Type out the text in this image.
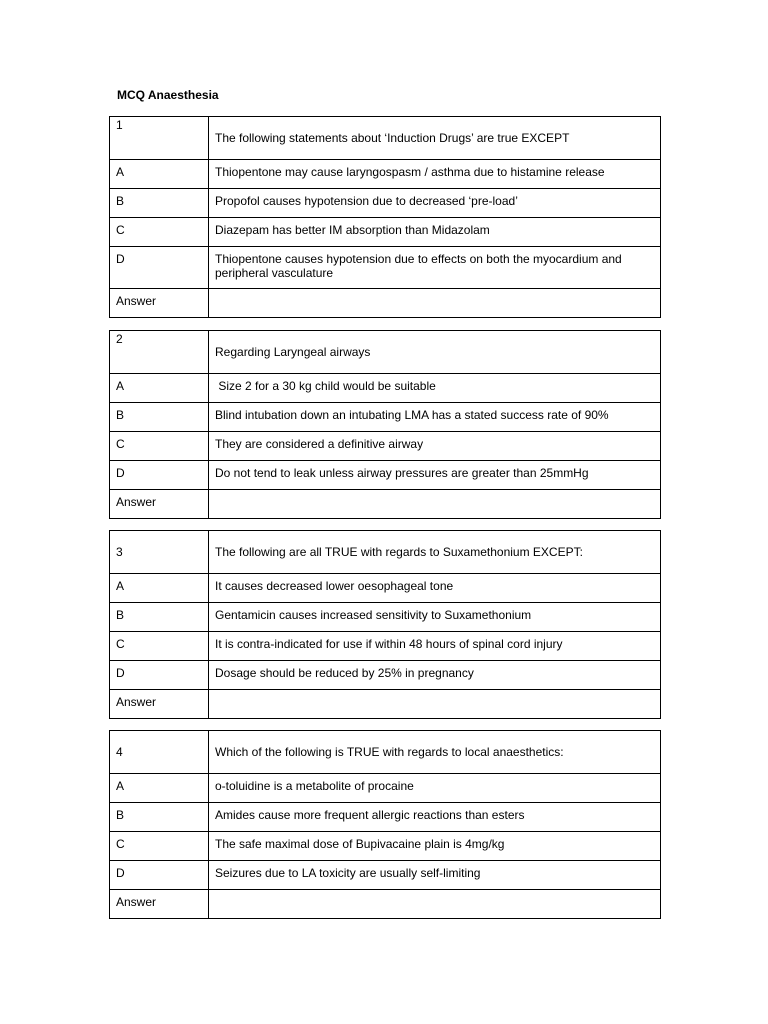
MCQ Anaesthesia
1	The following statements about ‘Induction Drugs’ are true EXCEPT

A	Thiopentone may cause laryngospasm / asthma due to histamine release

B	Propofol causes hypotension due to decreased ‘pre-load’

C	Diazepam has better IM absorption than Midazolam

D	Thiopentone causes hypotension due to effects on both the myocardium and peripheral vasculature

Answer	

2	Regarding Laryngeal airways

A	Size 2 for a 30 kg child would be suitable

B	Blind intubation down an intubating LMA has a stated success rate of 90%

C	They are considered a definitive airway

D	Do not tend to leak unless airway pressures are greater than 25mmHg

Answer	

3	The following are all TRUE with regards to Suxamethonium EXCEPT:

A	It causes decreased lower oesophageal tone

B	Gentamicin causes increased sensitivity to Suxamethonium

C	It is contra-indicated for use if within 48 hours of spinal cord injury

D	Dosage should be reduced by 25% in pregnancy

Answer	

4	Which of the following is TRUE with regards to local anaesthetics:

A	o-toluidine is a metabolite of procaine

B	Amides cause more frequent allergic reactions than esters

C	The safe maximal dose of Bupivacaine plain is 4mg/kg

D	Seizures due to LA toxicity are usually self-limiting

Answer	
